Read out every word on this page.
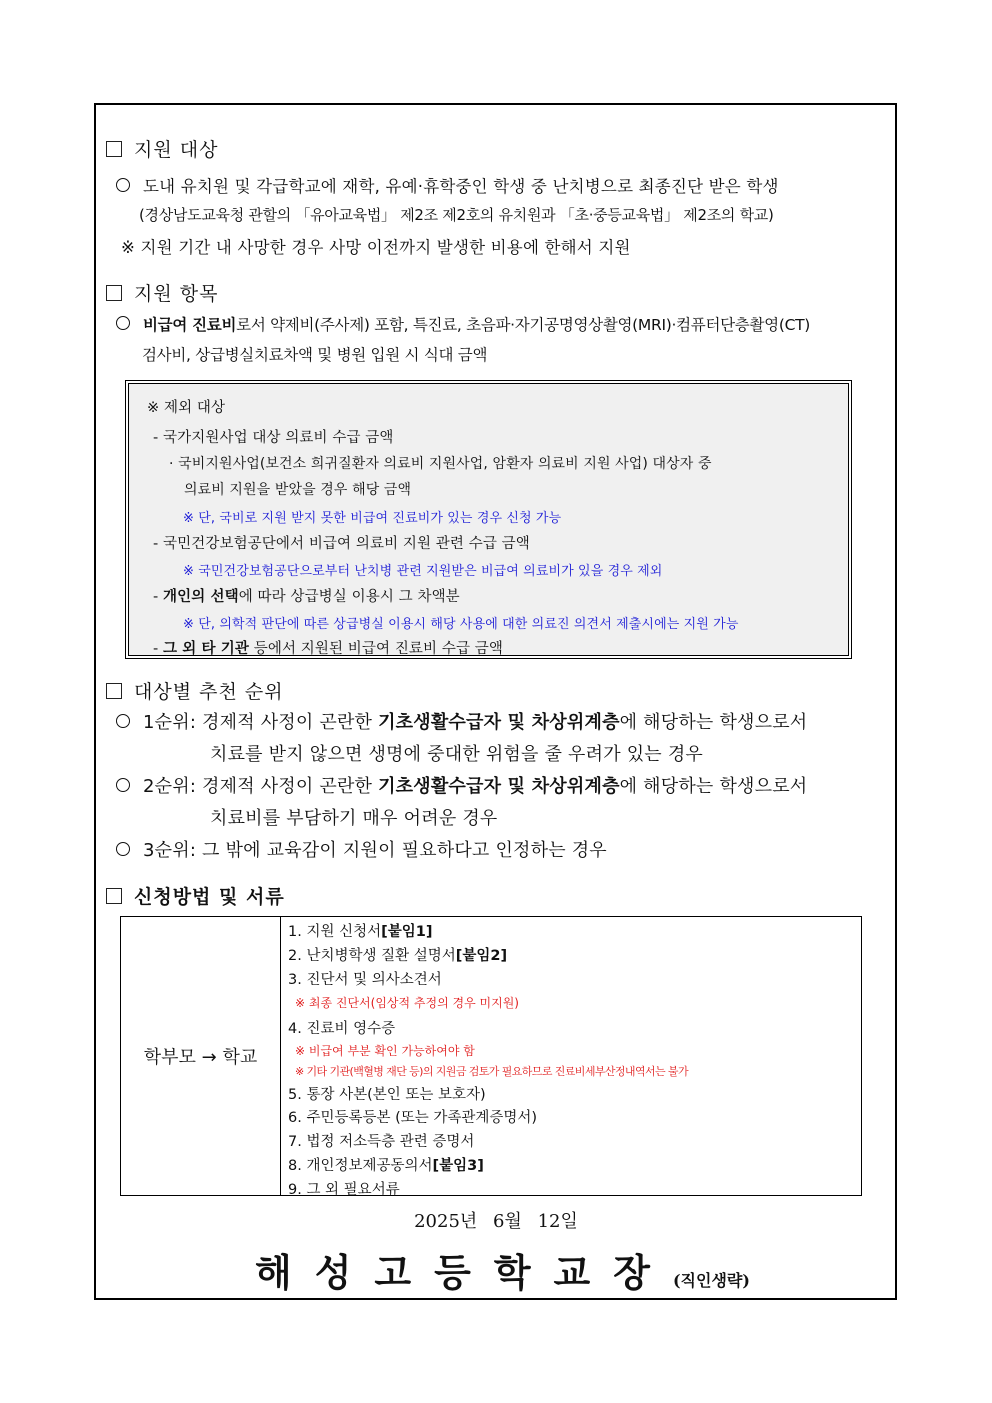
지원 대상
도내 유치원 및 각급학교에 재학, 유예·휴학중인 학생 중 난치병으로 최종진단 받은 학생
(경상남도교육청 관할의 「유아교육법」 제2조 제2호의 유치원과 「초·중등교육법」 제2조의 학교)
※ 지원 기간 내 사망한 경우 사망 이전까지 발생한 비용에 한해서 지원
지원 항목
비급여 진료비로서 약제비(주사제) 포함, 특진료, 초음파·자기공명영상촬영(MRI)·컴퓨터단층촬영(CT)
검사비, 상급병실치료차액 및 병원 입원 시 식대 금액
※ 제외 대상
- 국가지원사업 대상 의료비 수급 금액
· 국비지원사업(보건소 희귀질환자 의료비 지원사업, 암환자 의료비 지원 사업) 대상자 중
의료비 지원을 받았을 경우 해당 금액
※ 단, 국비로 지원 받지 못한 비급여 진료비가 있는 경우 신청 가능
- 국민건강보험공단에서 비급여 의료비 지원 관련 수급 금액
※ 국민건강보험공단으로부터 난치병 관련 지원받은 비급여 의료비가 있을 경우 제외
- 개인의 선택에 따라 상급병실 이용시 그 차액분
※ 단, 의학적 판단에 따른 상급병실 이용시 해당 사용에 대한 의료진 의견서 제출시에는 지원 가능
- 그 외 타 기관 등에서 지원된 비급여 진료비 수급 금액
대상별 추천 순위
1순위: 경제적 사정이 곤란한 기초생활수급자 및 차상위계층에 해당하는 학생으로서
치료를 받지 않으면 생명에 중대한 위험을 줄 우려가 있는 경우
2순위: 경제적 사정이 곤란한 기초생활수급자 및 차상위계층에 해당하는 학생으로서
치료비를 부담하기 매우 어려운 경우
3순위: 그 밖에 교육감이 지원이 필요하다고 인정하는 경우
신청방법 및 서류
학부모 → 학교
1. 지원 신청서[붙임1]
2. 난치병학생 질환 설명서[붙임2]
3. 진단서 및 의사소견서
※ 최종 진단서(임상적 추정의 경우 미지원)
4. 진료비 영수증
※ 비급여 부분 확인 가능하여야 함
※ 기타 기관(백혈병 재단 등)의 지원금 검토가 필요하므로 진료비세부산정내역서는 불가
5. 통장 사본(본인 또는 보호자)
6. 주민등록등본 (또는 가족관계증명서)
7. 법정 저소득층 관련 증명서
8. 개인정보제공동의서[붙임3]
9. 그 외 필요서류
2025년 6월 12일
해성고등학교장(직인생략)
